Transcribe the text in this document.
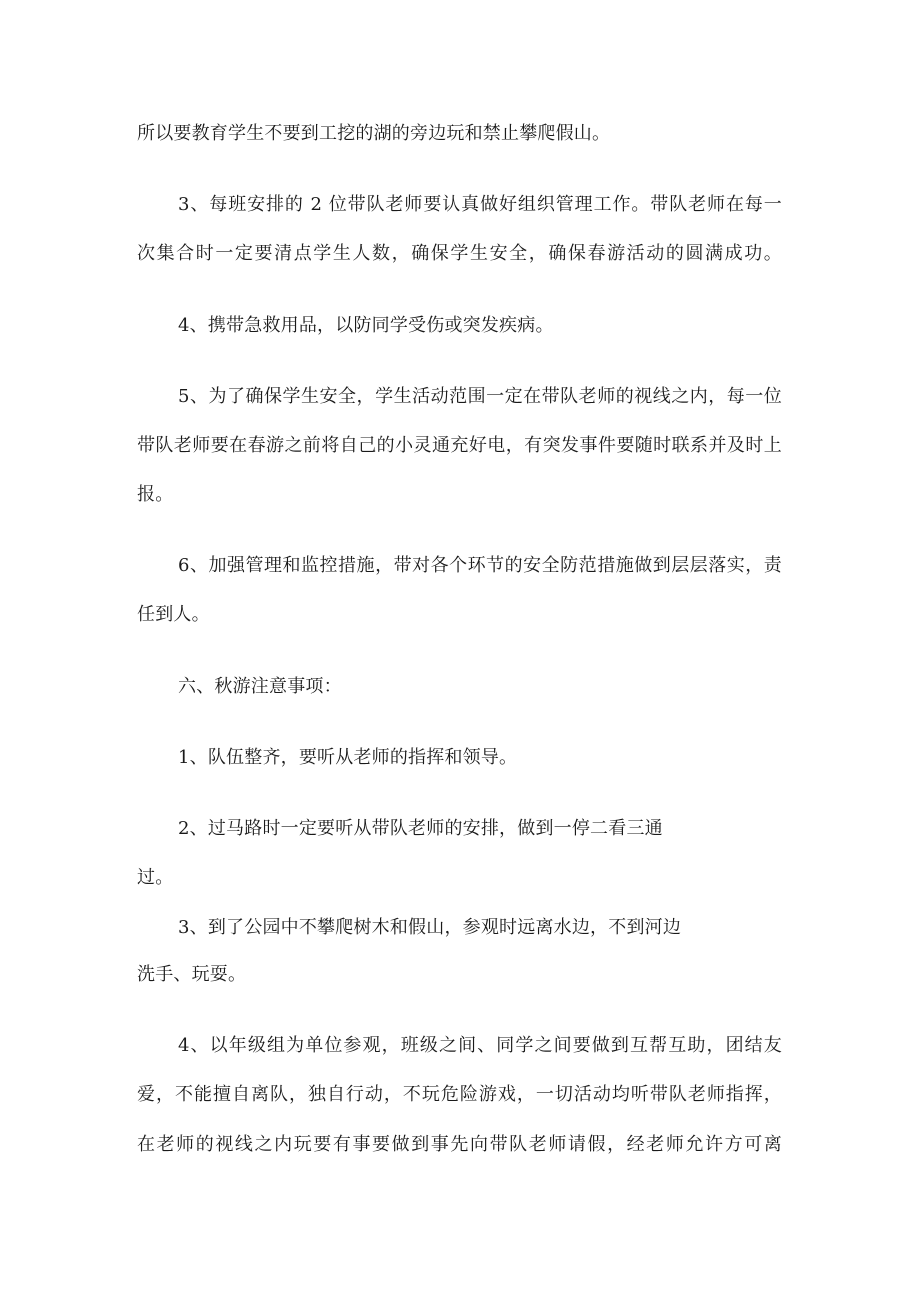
所以要教育学生不要到工挖的湖的旁边玩和禁止攀爬假山。
3、每班安排的 2 位带队老师要认真做好组织管理工作。带队老师在每一
次集合时一定要清点学生人数，确保学生安全，确保春游活动的圆满成功。
4、携带急救用品，以防同学受伤或突发疾病。
5、为了确保学生安全，学生活动范围一定在带队老师的视线之内，每一位
带队老师要在春游之前将自己的小灵通充好电，有突发事件要随时联系并及时上
报。
6、加强管理和监控措施，带对各个环节的安全防范措施做到层层落实，责
任到人。
六、秋游注意事项：
1、队伍整齐，要听从老师的指挥和领导。
2、过马路时一定要听从带队老师的安排，做到一停二看三通
过。
3、到了公园中不攀爬树木和假山，参观时远离水边，不到河边
洗手、玩耍。
4、以年级组为单位参观，班级之间、同学之间要做到互帮互助，团结友
爱，不能擅自离队，独自行动，不玩危险游戏，一切活动均听带队老师指挥，
在老师的视线之内玩要有事要做到事先向带队老师请假，经老师允许方可离
